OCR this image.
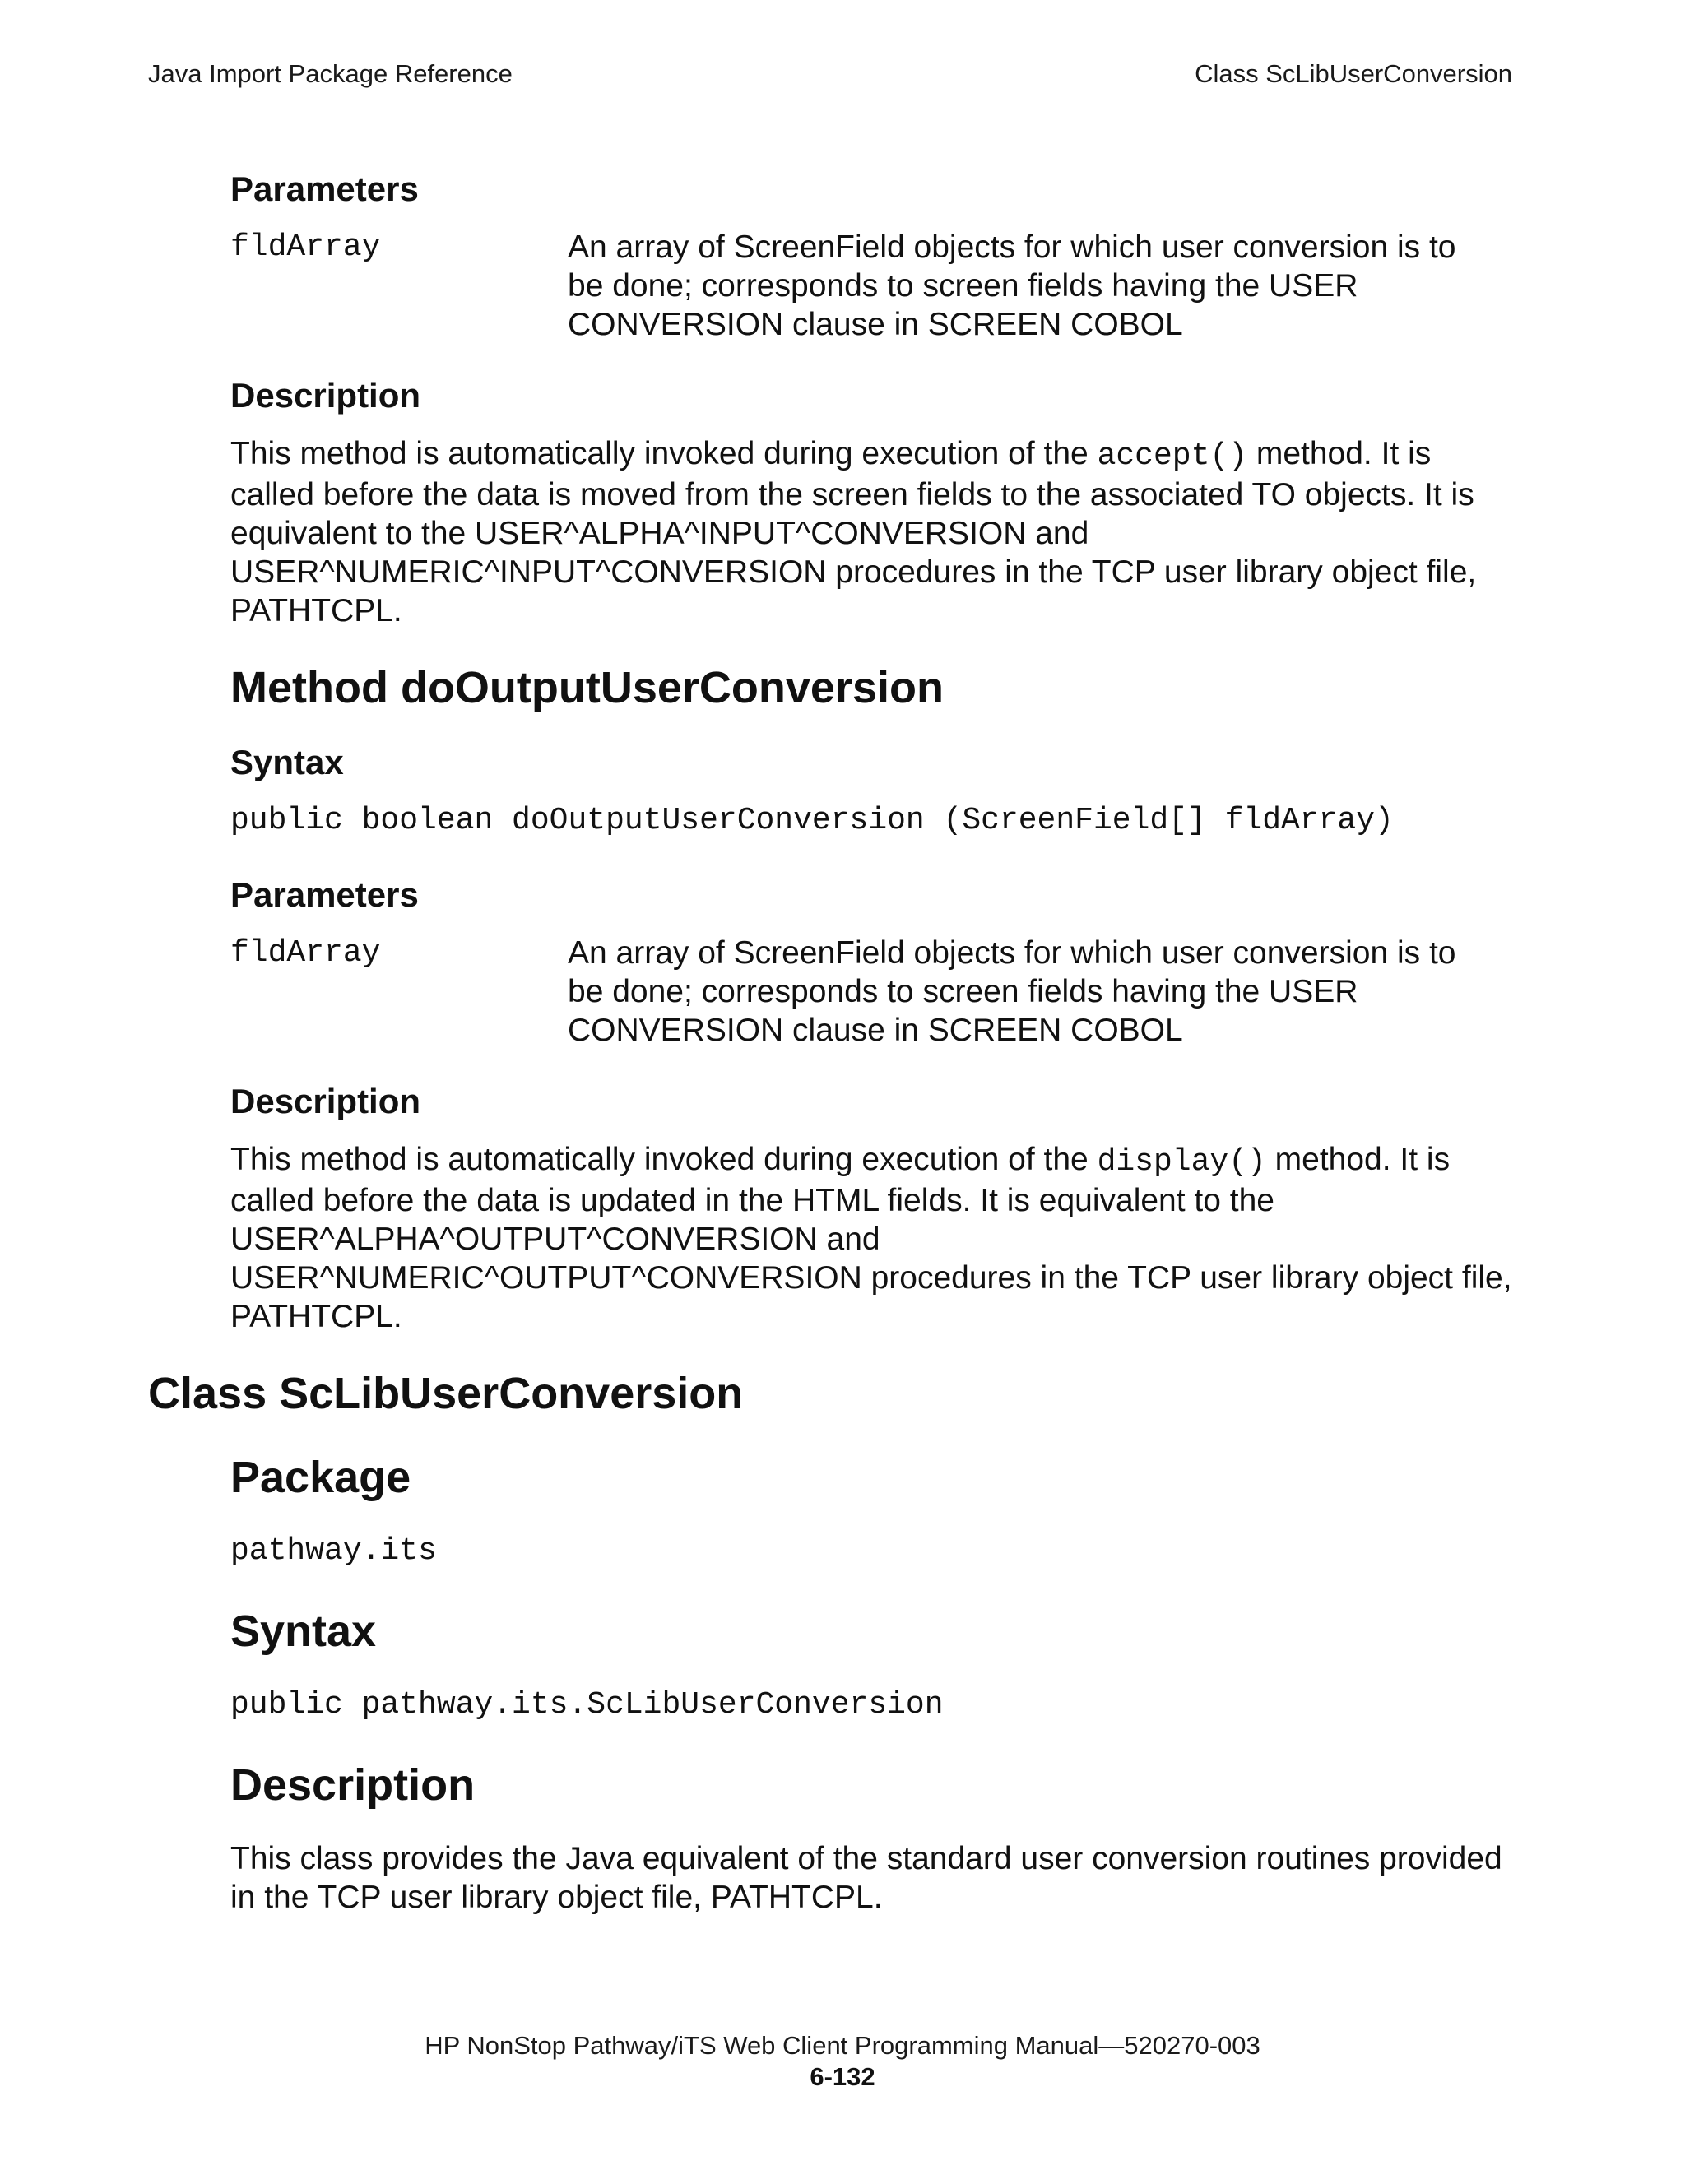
Java Import Package Reference	Class ScLibUserConversion
Parameters
fldArray	An array of ScreenField objects for which user conversion is to be done; corresponds to screen fields having the USER CONVERSION clause in SCREEN COBOL
Description
This method is automatically invoked during execution of the accept() method. It is called before the data is moved from the screen fields to the associated TO objects. It is equivalent to the USER^ALPHA^INPUT^CONVERSION and USER^NUMERIC^INPUT^CONVERSION procedures in the TCP user library object file, PATHTCPL.
Method doOutputUserConversion
Syntax
public boolean doOutputUserConversion (ScreenField[] fldArray)
Parameters
fldArray	An array of ScreenField objects for which user conversion is to be done; corresponds to screen fields having the USER CONVERSION clause in SCREEN COBOL
Description
This method is automatically invoked during execution of the display() method. It is called before the data is updated in the HTML fields. It is equivalent to the USER^ALPHA^OUTPUT^CONVERSION and USER^NUMERIC^OUTPUT^CONVERSION procedures in the TCP user library object file, PATHTCPL.
Class ScLibUserConversion
Package
pathway.its
Syntax
public pathway.its.ScLibUserConversion
Description
This class provides the Java equivalent of the standard user conversion routines provided in the TCP user library object file, PATHTCPL.
HP NonStop Pathway/iTS Web Client Programming Manual—520270-003
6-132
